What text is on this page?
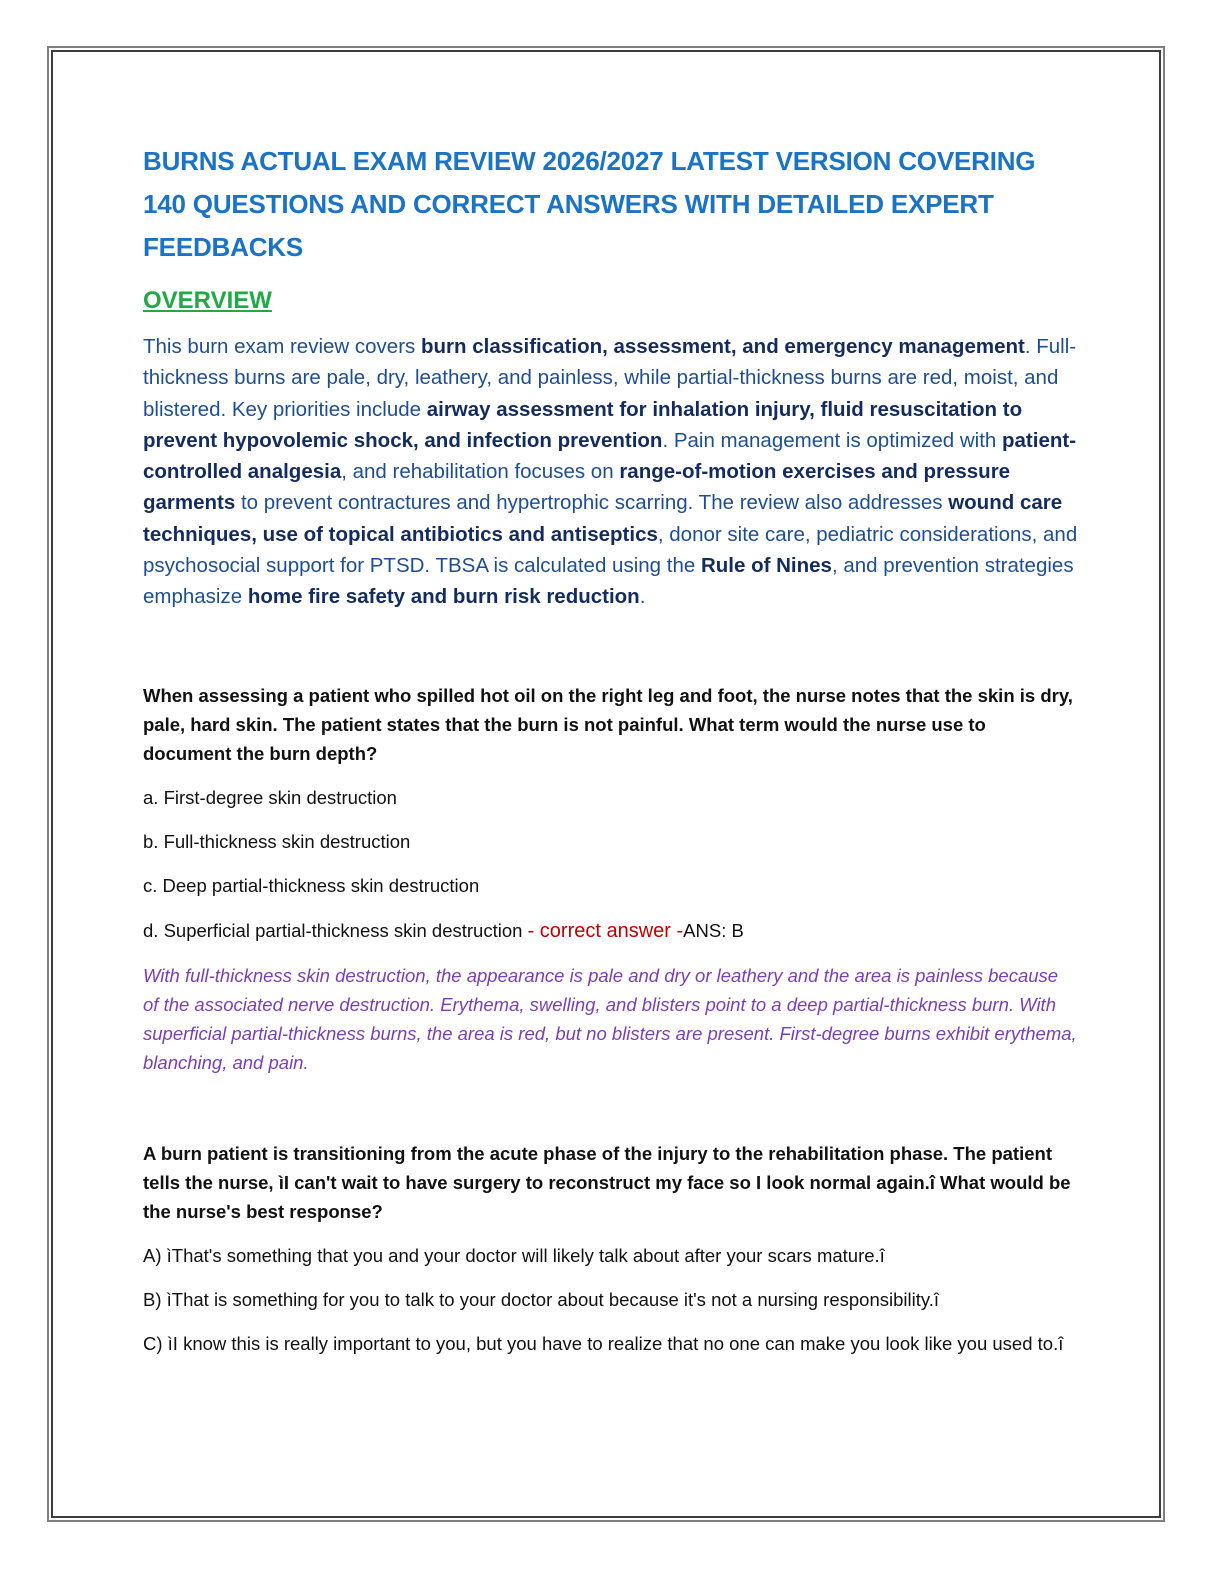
BURNS ACTUAL EXAM REVIEW 2026/2027 LATEST VERSION COVERING 140 QUESTIONS AND CORRECT ANSWERS WITH DETAILED EXPERT FEEDBACKS
OVERVIEW

This burn exam review covers burn classification, assessment, and emergency management. Full-thickness burns are pale, dry, leathery, and painless, while partial-thickness burns are red, moist, and blistered. Key priorities include airway assessment for inhalation injury, fluid resuscitation to prevent hypovolemic shock, and infection prevention. Pain management is optimized with patient-controlled analgesia, and rehabilitation focuses on range-of-motion exercises and pressure garments to prevent contractures and hypertrophic scarring. The review also addresses wound care techniques, use of topical antibiotics and antiseptics, donor site care, pediatric considerations, and psychosocial support for PTSD. TBSA is calculated using the Rule of Nines, and prevention strategies emphasize home fire safety and burn risk reduction.

When assessing a patient who spilled hot oil on the right leg and foot, the nurse notes that the skin is dry, pale, hard skin. The patient states that the burn is not painful. What term would the nurse use to document the burn depth?

a. First-degree skin destruction

b. Full-thickness skin destruction

c. Deep partial-thickness skin destruction

d. Superficial partial-thickness skin destruction - correct answer -ANS: B

With full-thickness skin destruction, the appearance is pale and dry or leathery and the area is painless because of the associated nerve destruction. Erythema, swelling, and blisters point to a deep partial-thickness burn. With superficial partial-thickness burns, the area is red, but no blisters are present. First-degree burns exhibit erythema, blanching, and pain.

A burn patient is transitioning from the acute phase of the injury to the rehabilitation phase. The patient tells the nurse, ìI can't wait to have surgery to reconstruct my face so I look normal again.î What would be the nurse's best response?

A) ìThat's something that you and your doctor will likely talk about after your scars mature.î

B) ìThat is something for you to talk to your doctor about because it's not a nursing responsibility.î

C) ìI know this is really important to you, but you have to realize that no one can make you look like you used to.î
